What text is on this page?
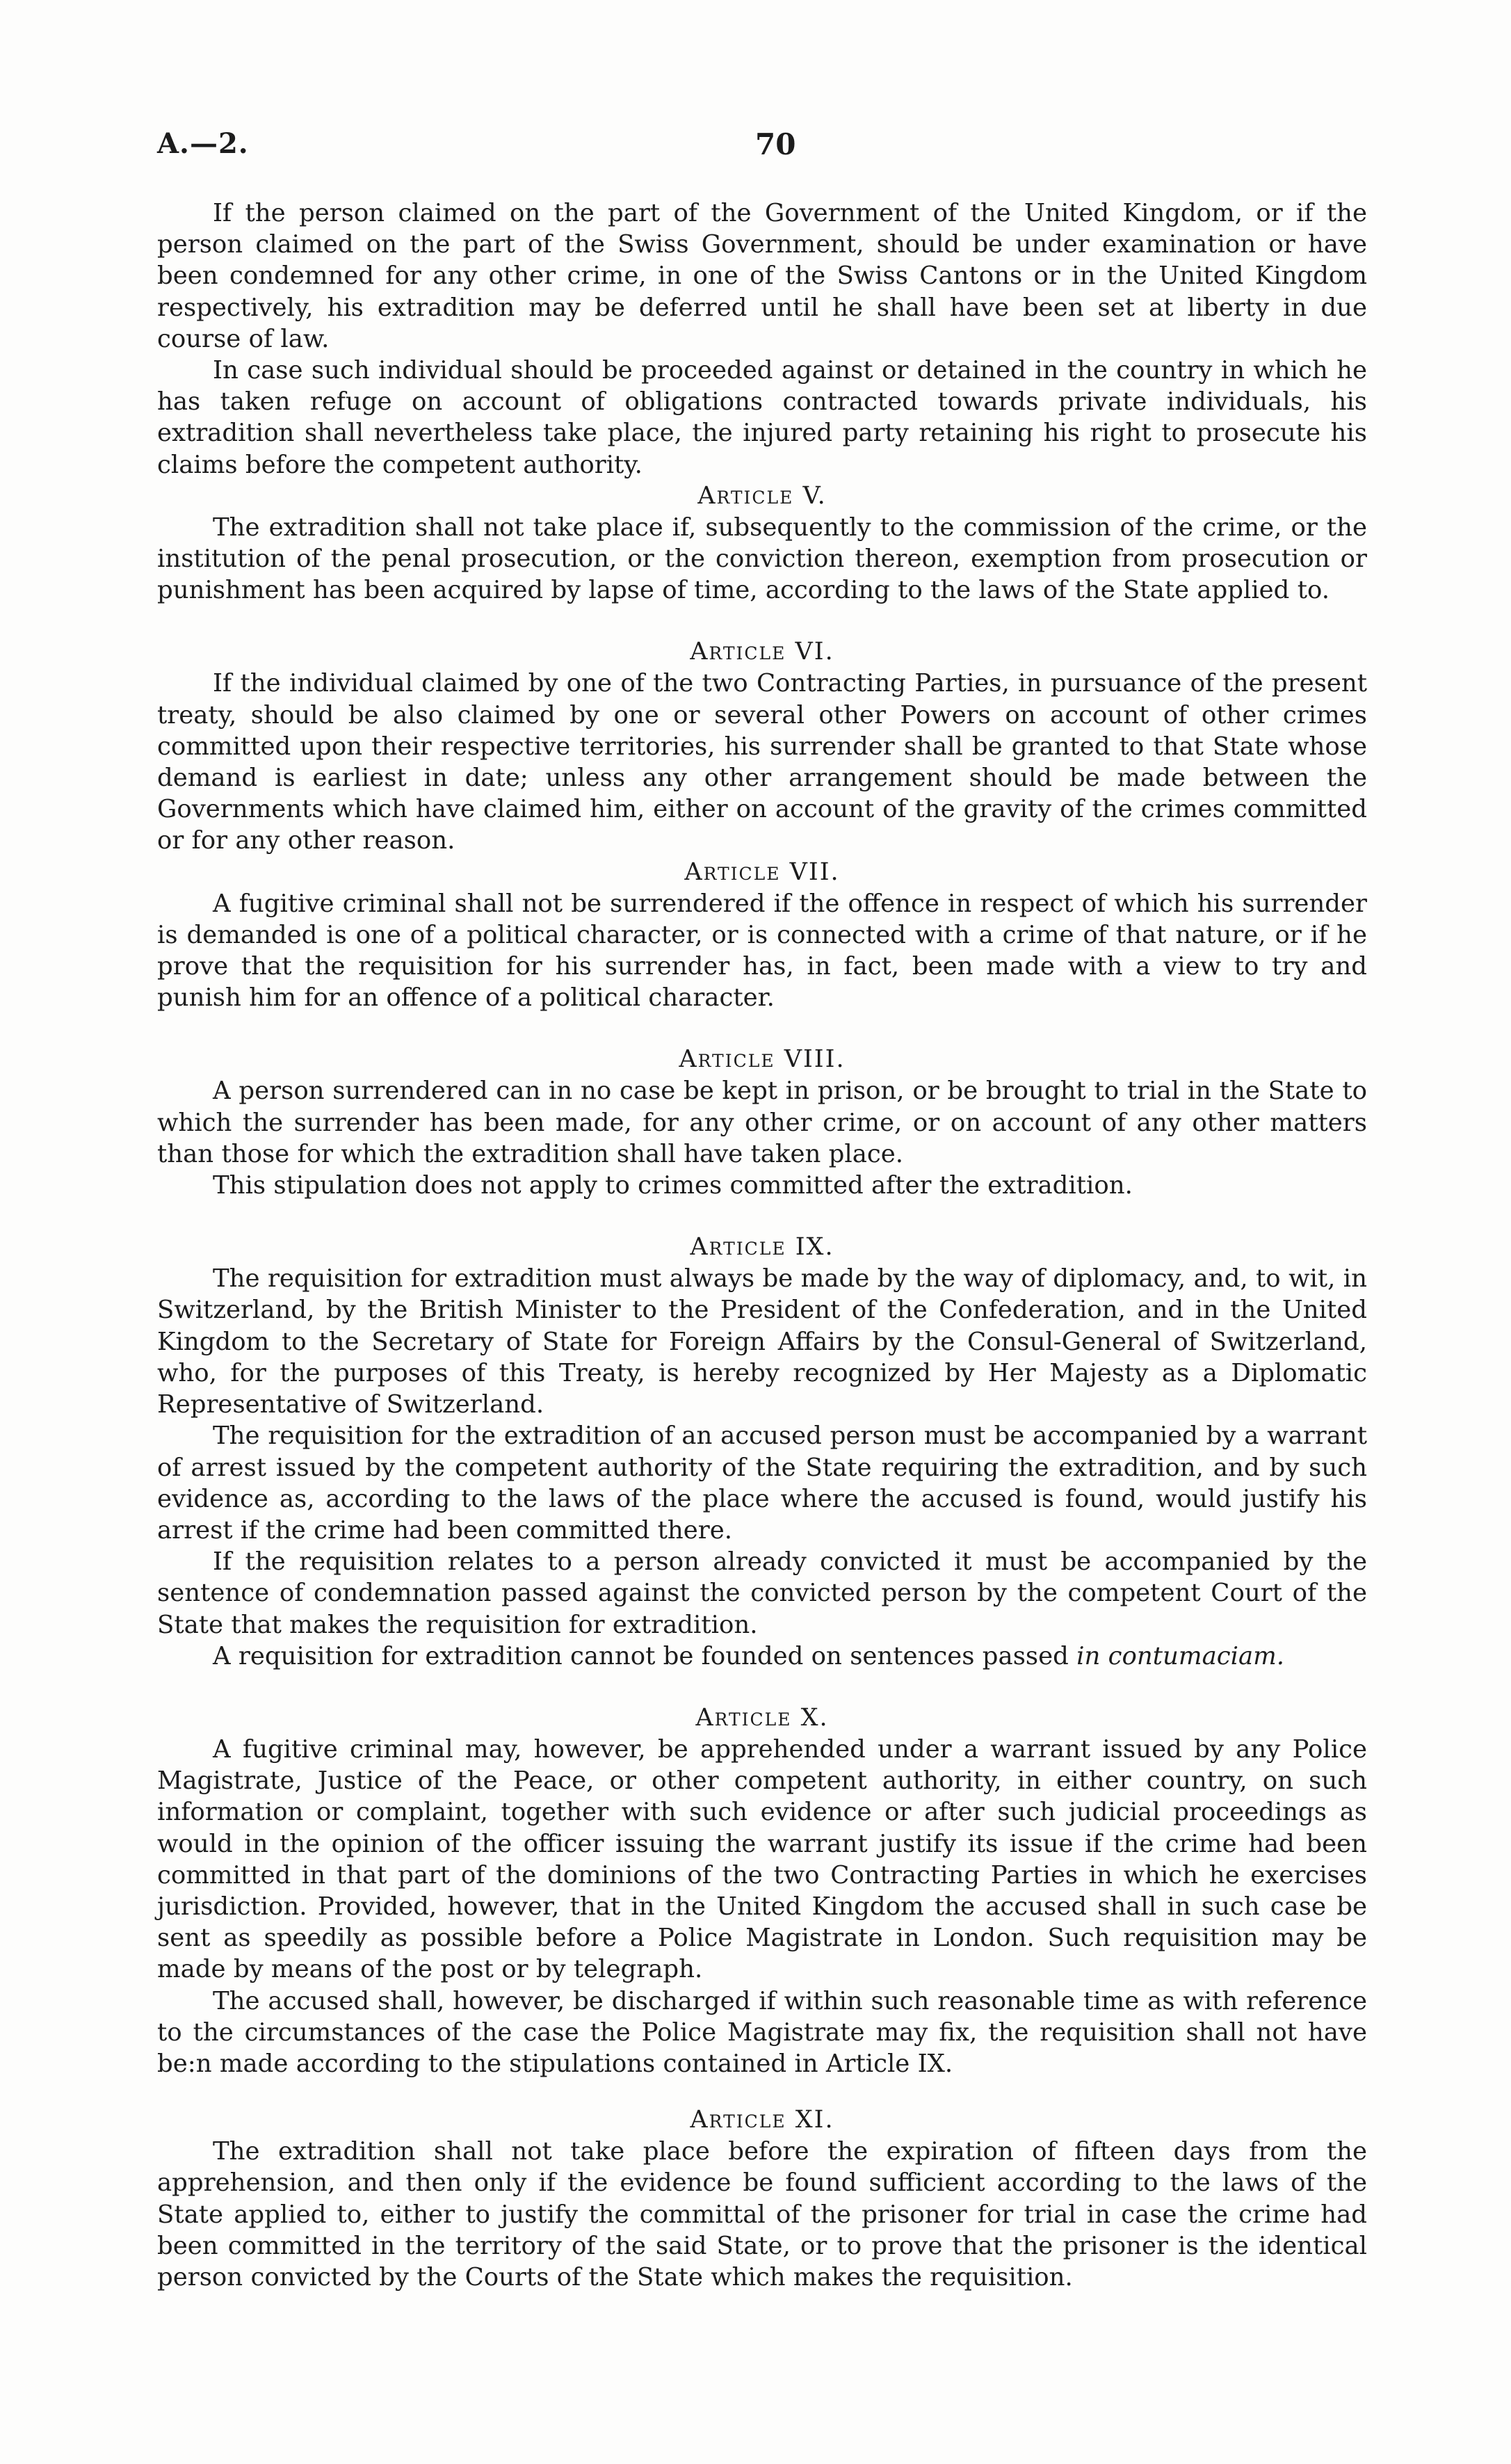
A.—2.	70

If the person claimed on the part of the Government of the United Kingdom, or if the person claimed on the part of the Swiss Government, should be under examination or have been condemned for any other crime, in one of the Swiss Cantons or in the United Kingdom respectively, his extradition may be deferred until he shall have been set at liberty in due course of law.

In case such individual should be proceeded against or detained in the country in which he has taken refuge on account of obligations contracted towards private individuals, his extradition shall nevertheless take place, the injured party retaining his right to prosecute his claims before the competent authority.

Article V.

The extradition shall not take place if, subsequently to the commission of the crime, or the institution of the penal prosecution, or the conviction thereon, exemption from prosecution or punishment has been acquired by lapse of time, according to the laws of the State applied to.

Article VI.

If the individual claimed by one of the two Contracting Parties, in pursuance of the present treaty, should be also claimed by one or several other Powers on account of other crimes committed upon their respective territories, his surrender shall be granted to that State whose demand is earliest in date; unless any other arrangement should be made between the Governments which have claimed him, either on account of the gravity of the crimes committed or for any other reason.

Article VII.

A fugitive criminal shall not be surrendered if the offence in respect of which his surrender is demanded is one of a political character, or is connected with a crime of that nature, or if he prove that the requisition for his surrender has, in fact, been made with a view to try and punish him for an offence of a political character.

Article VIII.

A person surrendered can in no case be kept in prison, or be brought to trial in the State to which the surrender has been made, for any other crime, or on account of any other matters than those for which the extradition shall have taken place.

This stipulation does not apply to crimes committed after the extradition.

Article IX.

The requisition for extradition must always be made by the way of diplomacy, and, to wit, in Switzerland, by the British Minister to the President of the Confederation, and in the United Kingdom to the Secretary of State for Foreign Affairs by the Consul-General of Switzerland, who, for the purposes of this Treaty, is hereby recognized by Her Majesty as a Diplomatic Representative of Switzerland.

The requisition for the extradition of an accused person must be accompanied by a warrant of arrest issued by the competent authority of the State requiring the extradition, and by such evidence as, according to the laws of the place where the accused is found, would justify his arrest if the crime had been committed there.

If the requisition relates to a person already convicted it must be accompanied by the sentence of condemnation passed against the convicted person by the competent Court of the State that makes the requisition for extradition.

A requisition for extradition cannot be founded on sentences passed in contumaciam.

Article X.

A fugitive criminal may, however, be apprehended under a warrant issued by any Police Magistrate, Justice of the Peace, or other competent authority, in either country, on such information or complaint, together with such evidence or after such judicial proceedings as would in the opinion of the officer issuing the warrant justify its issue if the crime had been committed in that part of the dominions of the two Contracting Parties in which he exercises jurisdiction. Provided, however, that in the United Kingdom the accused shall in such case be sent as speedily as possible before a Police Magistrate in London. Such requisition may be made by means of the post or by telegraph.

The accused shall, however, be discharged if within such reasonable time as with reference to the circumstances of the case the Police Magistrate may fix, the requisition shall not have be:n made according to the stipulations contained in Article IX.

Article XI.

The extradition shall not take place before the expiration of fifteen days from the apprehension, and then only if the evidence be found sufficient according to the laws of the State applied to, either to justify the committal of the prisoner for trial in case the crime had been committed in the territory of the said State, or to prove that the prisoner is the identical person convicted by the Courts of the State which makes the requisition.
